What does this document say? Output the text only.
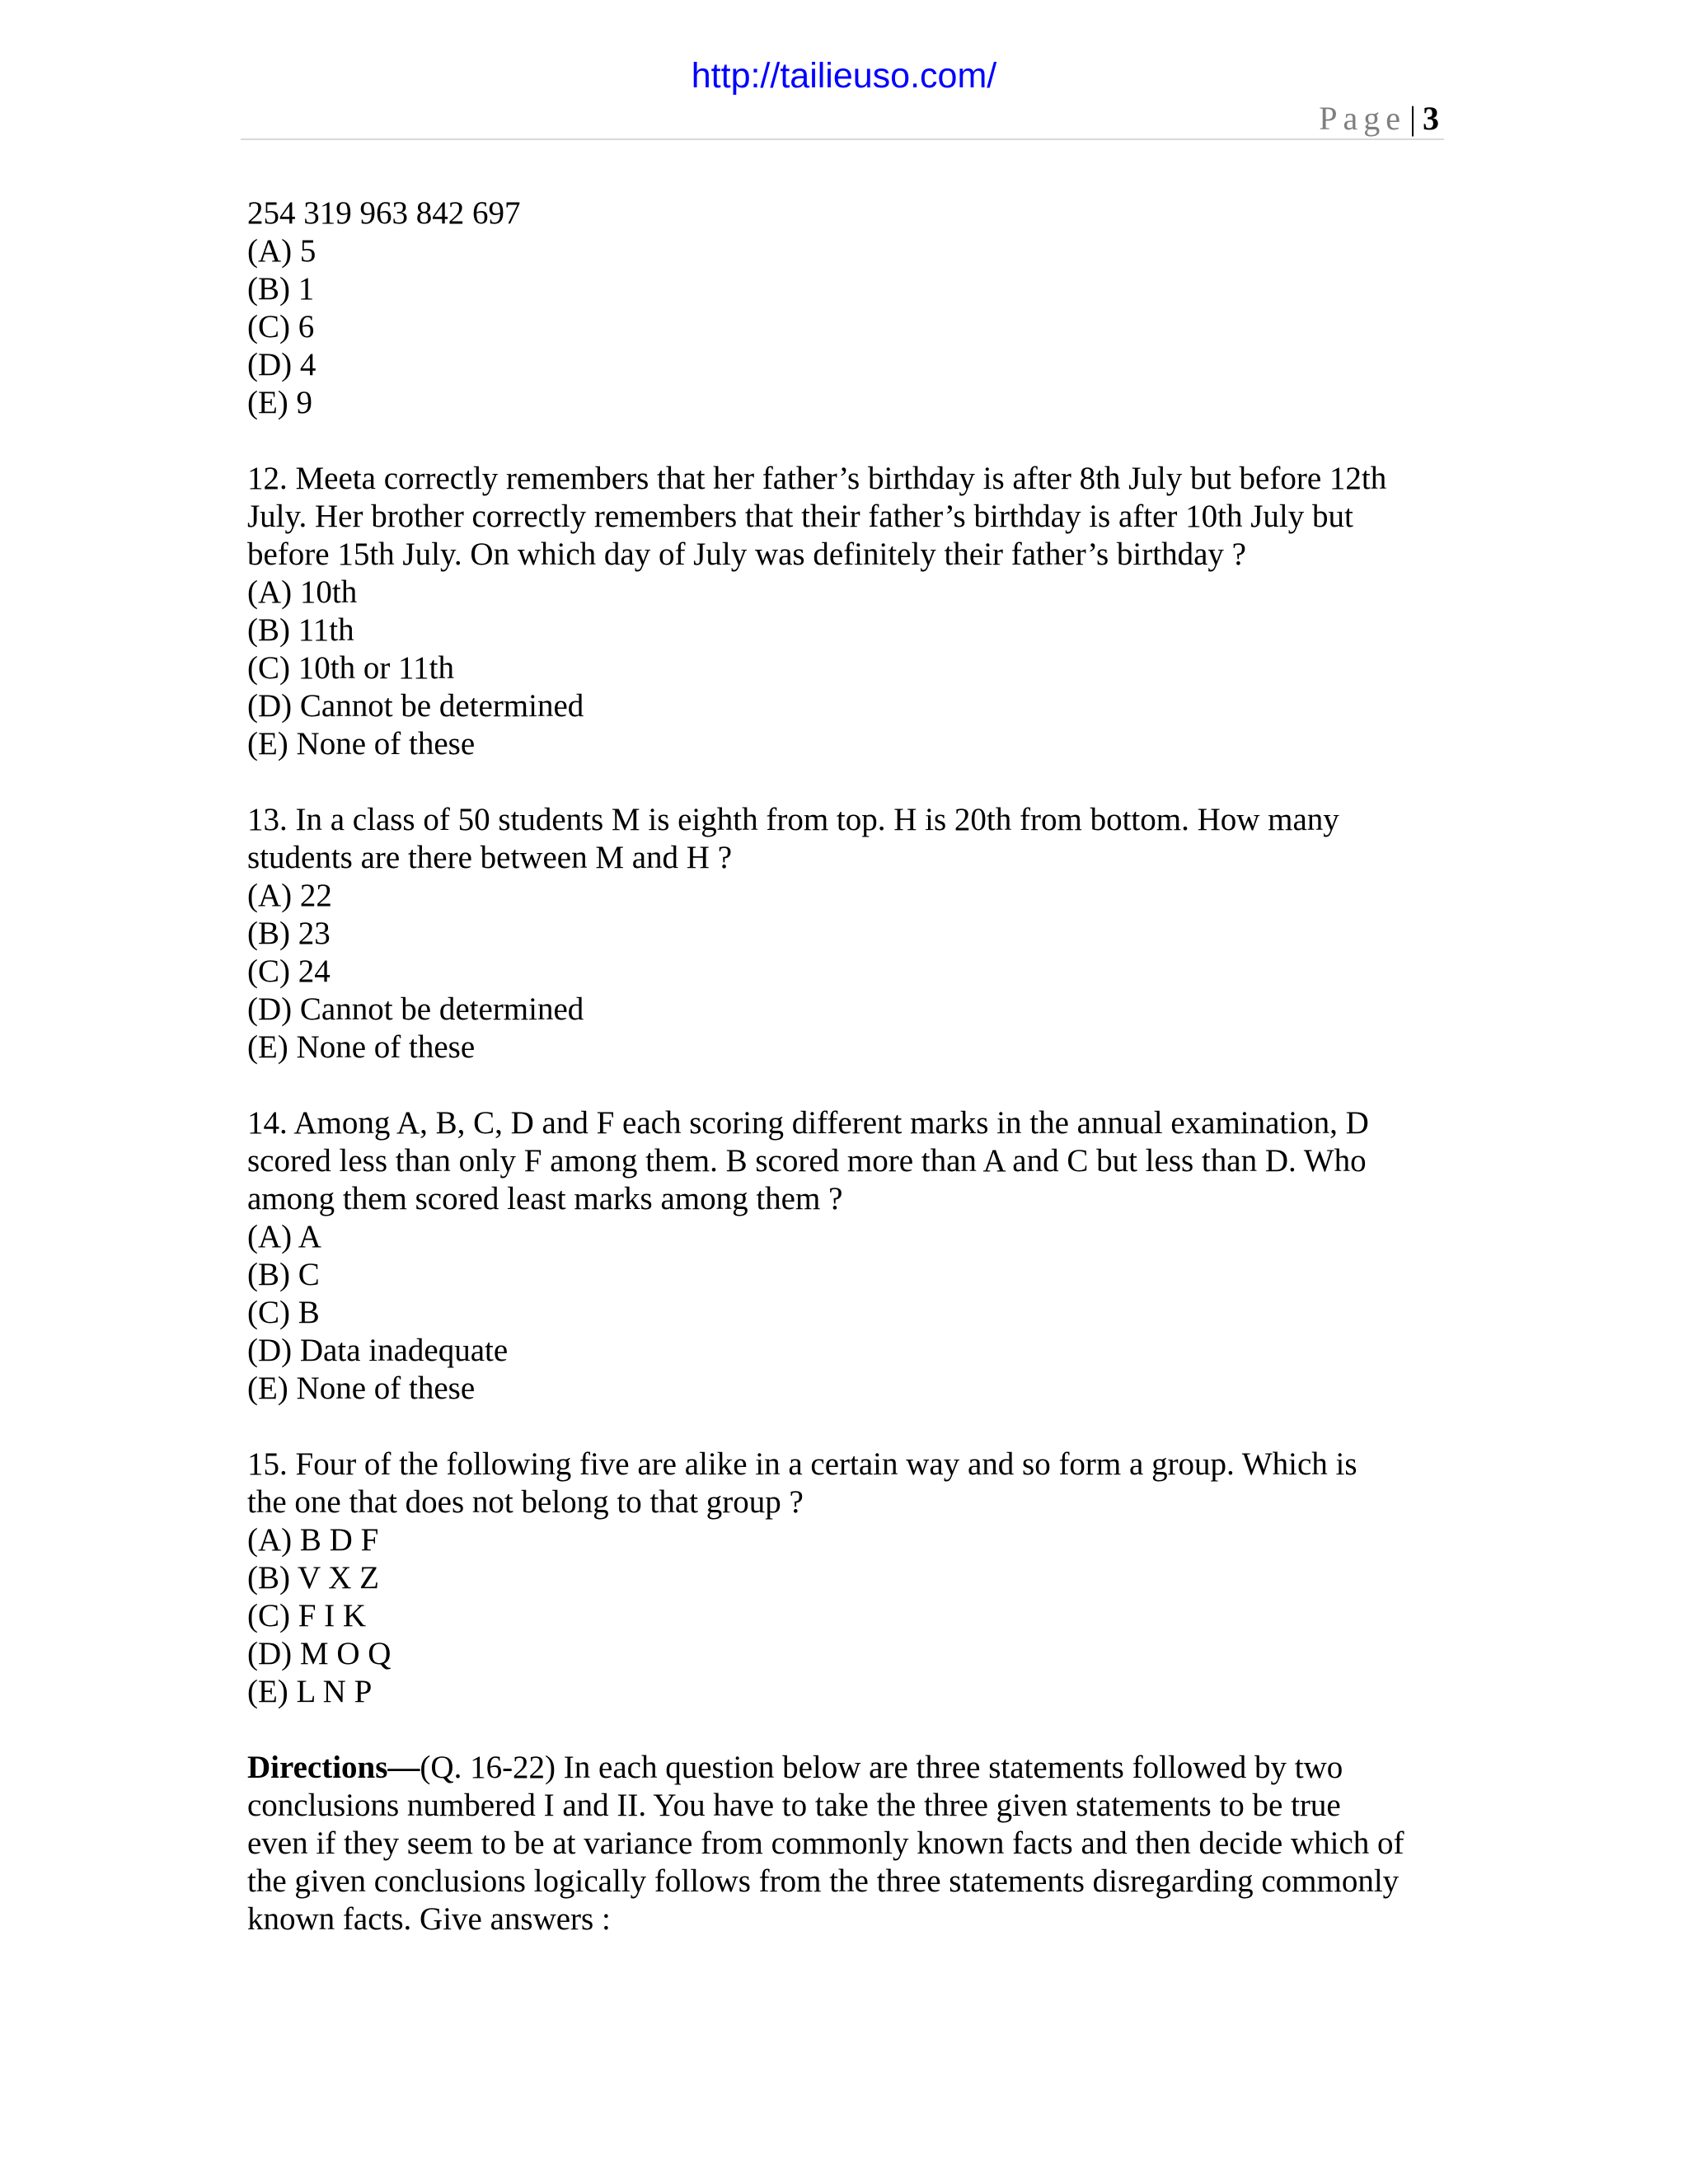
http://tailieuso.com/
Page | 3
254 319 963 842 697
(A) 5
(B) 1
(C) 6
(D) 4
(E) 9
12. Meeta correctly remembers that her father’s birthday is after 8th July but before 12th
July. Her brother correctly remembers that their father’s birthday is after 10th July but
before 15th July. On which day of July was definitely their father’s birthday ?
(A) 10th
(B) 11th
(C) 10th or 11th
(D) Cannot be determined
(E) None of these
13. In a class of 50 students M is eighth from top. H is 20th from bottom. How many
students are there between M and H ?
(A) 22
(B) 23
(C) 24
(D) Cannot be determined
(E) None of these
14. Among A, B, C, D and F each scoring different marks in the annual examination, D
scored less than only F among them. B scored more than A and C but less than D. Who
among them scored least marks among them ?
(A) A
(B) C
(C) B
(D) Data inadequate
(E) None of these
15. Four of the following five are alike in a certain way and so form a group. Which is
the one that does not belong to that group ?
(A) B D F
(B) V X Z
(C) F I K
(D) M O Q
(E) L N P
Directions—(Q. 16-22) In each question below are three statements followed by two
conclusions numbered I and II. You have to take the three given statements to be true
even if they seem to be at variance from commonly known facts and then decide which of
the given conclusions logically follows from the three statements disregarding commonly
known facts. Give answers :
